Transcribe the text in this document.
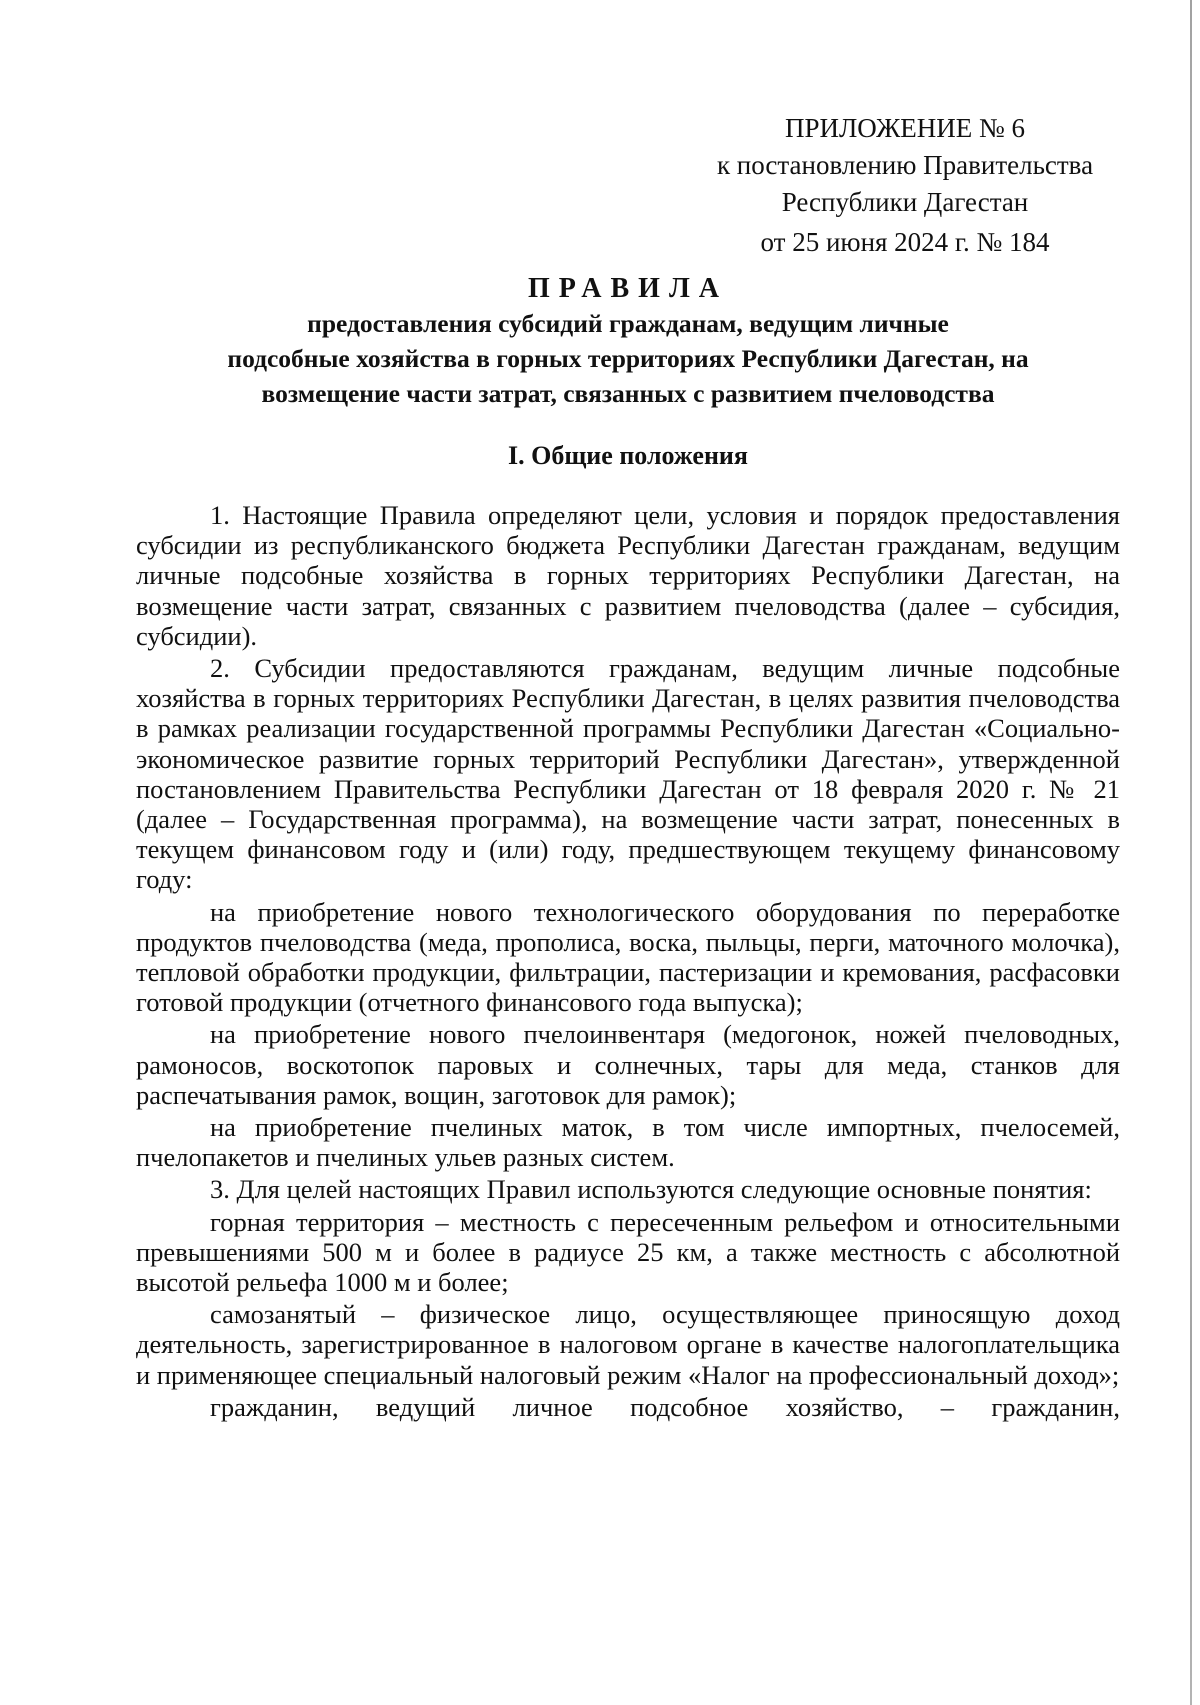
ПРИЛОЖЕНИЕ № 6
к постановлению Правительства
Республики Дагестан
от 25 июня 2024 г. № 184
ПРАВИЛА
предоставления субсидий гражданам, ведущим личные
подсобные хозяйства в горных территориях Республики Дагестан, на
возмещение части затрат, связанных с развитием пчеловодства
I. Общие положения

1. Настоящие Правила определяют цели, условия и порядок предоставления субсидии из республиканского бюджета Республики Дагестан гражданам, ведущим личные подсобные хозяйства в горных территориях Республики Дагестан, на возмещение части затрат, связанных с развитием пчеловодства (далее – субсидия, субсидии).

2. Субсидии предоставляются гражданам, ведущим личные подсобные хозяйства в горных территориях Республики Дагестан, в целях развития пчеловодства в рамках реализации государственной программы Республики Дагестан «Социально-экономическое развитие горных территорий Республики Дагестан», утвержденной постановлением Правительства Республики Дагестан от 18 февраля 2020 г. № 21 (далее – Государственная программа), на возмещение части затрат, понесенных в текущем финансовом году и (или) году, предшествующем текущему финансовому году:

на приобретение нового технологического оборудования по переработке продуктов пчеловодства (меда, прополиса, воска, пыльцы, перги, маточного молочка), тепловой обработки продукции, фильтрации, пастеризации и кремования, расфасовки готовой продукции (отчетного финансового года выпуска);

на приобретение нового пчелоинвентаря (медогонок, ножей пчеловодных, рамоносов, воскотопок паровых и солнечных, тары для меда, станков для распечатывания рамок, вощин, заготовок для рамок);

на приобретение пчелиных маток, в том числе импортных, пчелосемей, пчелопакетов и пчелиных ульев разных систем.

3. Для целей настоящих Правил используются следующие основные понятия:

горная территория – местность с пересеченным рельефом и относительными превышениями 500 м и более в радиусе 25 км, а также местность с абсолютной высотой рельефа 1000 м и более;

самозанятый – физическое лицо, осуществляющее приносящую доход деятельность, зарегистрированное в налоговом органе в качестве налогоплательщика и применяющее специальный налоговый режим «Налог на профессиональный доход»;

гражданин, ведущий личное подсобное хозяйство, – гражданин,
